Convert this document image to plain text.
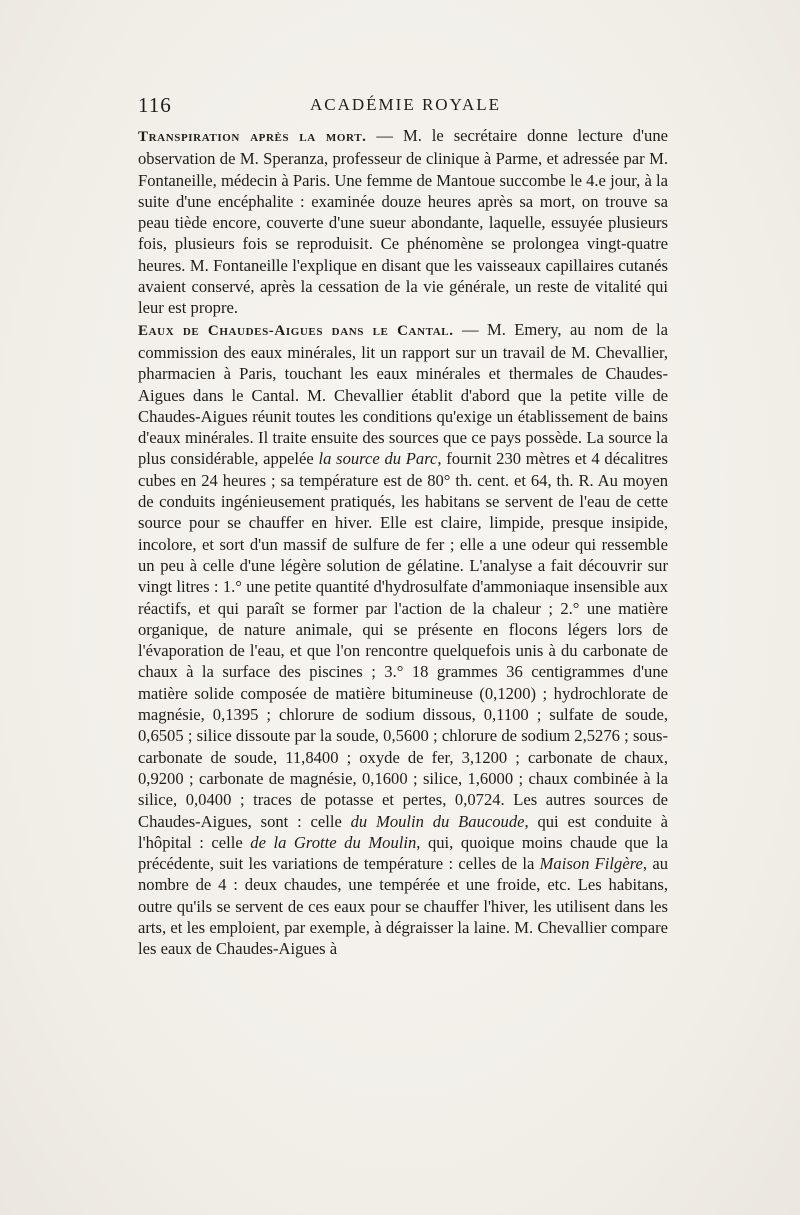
116	ACADÉMIE ROYALE

Transpiration après la mort. — M. le secrétaire donne lecture d'une observation de M. Speranza, professeur de clinique à Parme, et adressée par M. Fontaneille, médecin à Paris. Une femme de Mantoue succombe le 4.e jour, à la suite d'une encéphalite : examinée douze heures après sa mort, on trouve sa peau tiède encore, couverte d'une sueur abondante, laquelle, essuyée plusieurs fois, plusieurs fois se reproduisit. Ce phénomène se prolongea vingt-quatre heures. M. Fontaneille l'explique en disant que les vaisseaux capillaires cutanés avaient conservé, après la cessation de la vie générale, un reste de vitalité qui leur est propre.

Eaux de Chaudes-Aigues dans le Cantal. — M. Emery, au nom de la commission des eaux minérales, lit un rapport sur un travail de M. Chevallier, pharmacien à Paris, touchant les eaux minérales et thermales de Chaudes-Aigues dans le Cantal. M. Chevallier établit d'abord que la petite ville de Chaudes-Aigues réunit toutes les conditions qu'exige un établissement de bains d'eaux minérales. Il traite ensuite des sources que ce pays possède. La source la plus considérable, appelée la source du Parc, fournit 230 mètres et 4 décalitres cubes en 24 heures ; sa température est de 80° th. cent. et 64, th. R. Au moyen de conduits ingénieusement pratiqués, les habitans se servent de l'eau de cette source pour se chauffer en hiver. Elle est claire, limpide, presque insipide, incolore, et sort d'un massif de sulfure de fer ; elle a une odeur qui ressemble un peu à celle d'une légère solution de gélatine. L'analyse a fait découvrir sur vingt litres : 1.° une petite quantité d'hydrosulfate d'ammoniaque insensible aux réactifs, et qui paraît se former par l'action de la chaleur ; 2.° une matière organique, de nature animale, qui se présente en flocons légers lors de l'évaporation de l'eau, et que l'on rencontre quelquefois unis à du carbonate de chaux à la surface des piscines ; 3.° 18 grammes 36 centigrammes d'une matière solide composée de matière bitumineuse (0,1200) ; hydrochlorate de magnésie, 0,1395 ; chlorure de sodium dissous, 0,1100 ; sulfate de soude, 0,6505 ; silice dissoute par la soude, 0,5600 ; chlorure de sodium 2,5276 ; sous-carbonate de soude, 11,8400 ; oxyde de fer, 3,1200 ; carbonate de chaux, 0,9200 ; carbonate de magnésie, 0,1600 ; silice, 1,6000 ; chaux combinée à la silice, 0,0400 ; traces de potasse et pertes, 0,0724. Les autres sources de Chaudes-Aigues, sont : celle du Moulin du Baucoude, qui est conduite à l'hôpital : celle de la Grotte du Moulin, qui, quoique moins chaude que la précédente, suit les variations de température : celles de la Maison Filgère, au nombre de 4 : deux chaudes, une tempérée et une froide, etc. Les habitans, outre qu'ils se servent de ces eaux pour se chauffer l'hiver, les utilisent dans les arts, et les emploient, par exemple, à dégraisser la laine. M. Chevallier compare les eaux de Chaudes-Aigues à
